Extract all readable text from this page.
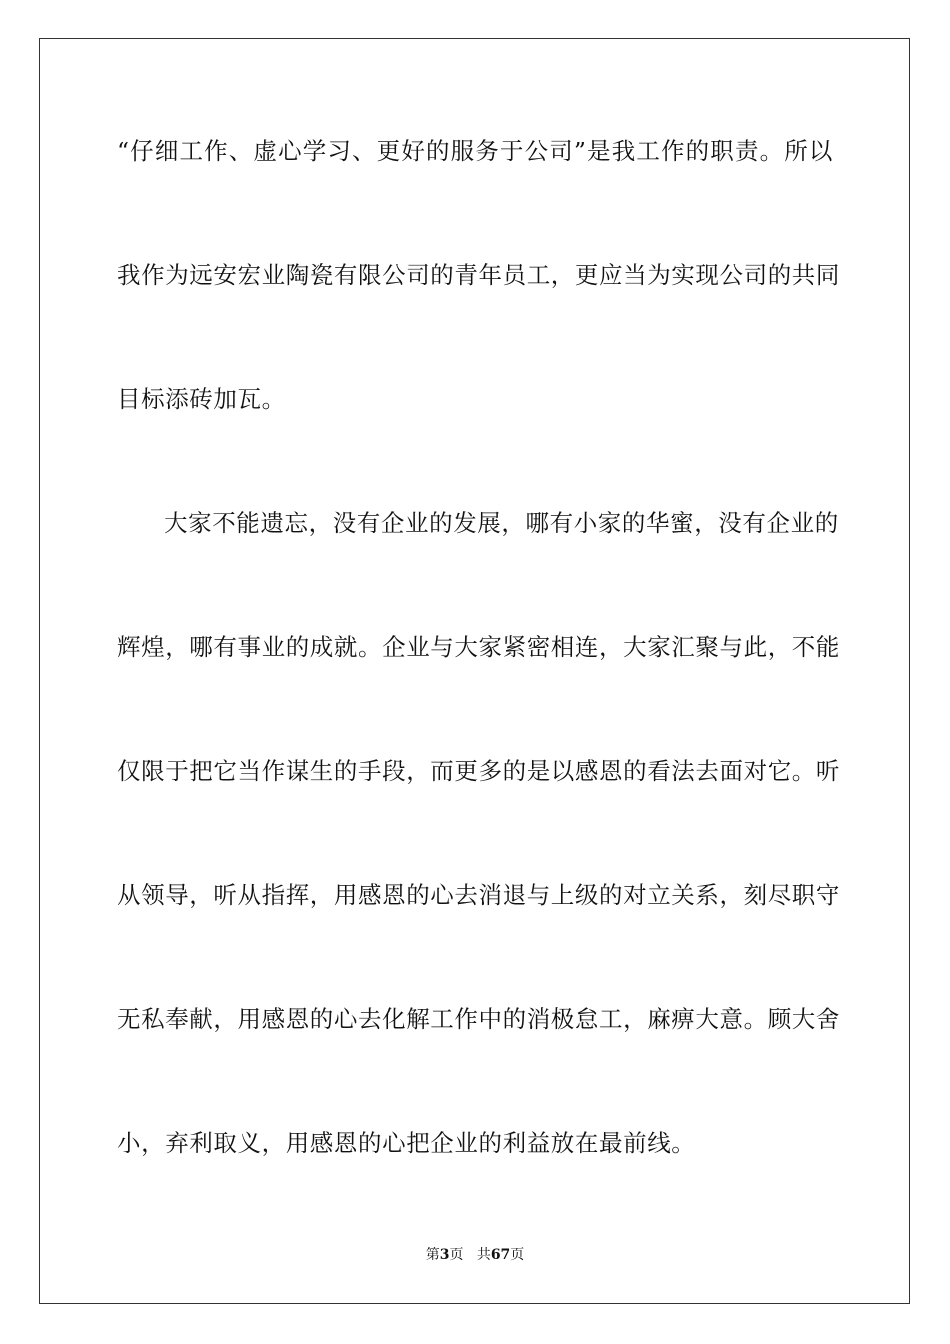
“仔细工作、虚心学习、更好的服务于公司”是我工作的职责。所以
我作为远安宏业陶瓷有限公司的青年员工，更应当为实现公司的共同
目标添砖加瓦。
大家不能遗忘，没有企业的发展，哪有小家的华蜜，没有企业的
辉煌，哪有事业的成就。企业与大家紧密相连，大家汇聚与此，不能
仅限于把它当作谋生的手段，而更多的是以感恩的看法去面对它。听
从领导，听从指挥，用感恩的心去消退与上级的对立关系，刻尽职守
无私奉献，用感恩的心去化解工作中的消极怠工，麻痹大意。顾大舍
小，弃利取义，用感恩的心把企业的利益放在最前线。
第3页 共67页
